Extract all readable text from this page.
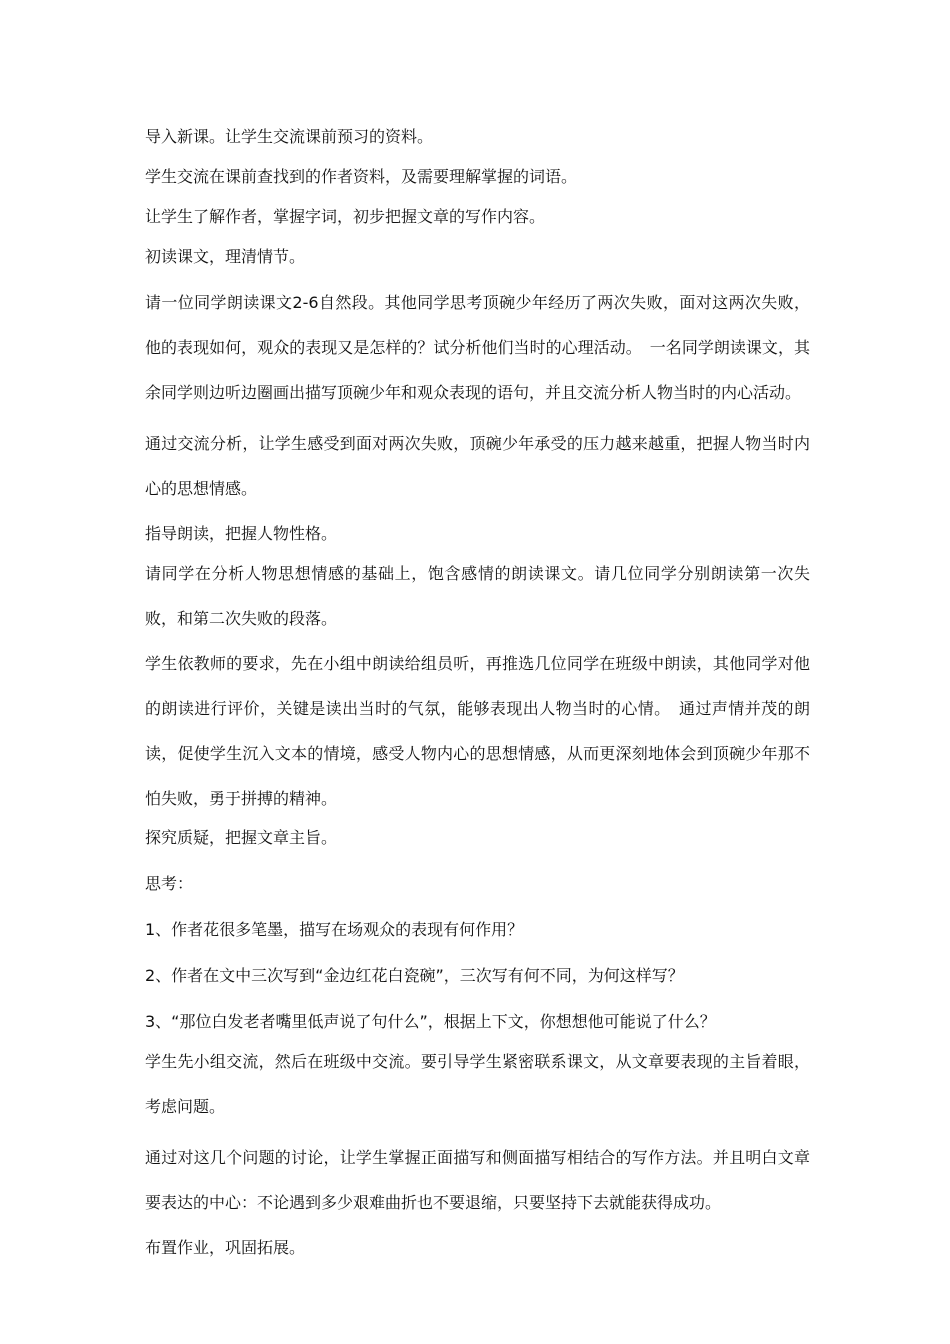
导入新课。让学生交流课前预习的资料。

学生交流在课前查找到的作者资料，及需要理解掌握的词语。

让学生了解作者，掌握字词，初步把握文章的写作内容。

初读课文，理清情节。

请一位同学朗读课文2-6自然段。其他同学思考顶碗少年经历了两次失败，面对这两次失败，他的表现如何，观众的表现又是怎样的？试分析他们当时的心理活动。　一名同学朗读课文，其余同学则边听边圈画出描写顶碗少年和观众表现的语句，并且交流分析人物当时的内心活动。

通过交流分析，让学生感受到面对两次失败，顶碗少年承受的压力越来越重，把握人物当时内心的思想情感。

指导朗读，把握人物性格。

请同学在分析人物思想情感的基础上，饱含感情的朗读课文。请几位同学分别朗读第一次失败，和第二次失败的段落。

学生依教师的要求，先在小组中朗读给组员听，再推选几位同学在班级中朗读，其他同学对他的朗读进行评价，关键是读出当时的气氛，能够表现出人物当时的心情。　通过声情并茂的朗读，促使学生沉入文本的情境，感受人物内心的思想情感，从而更深刻地体会到顶碗少年那不怕失败，勇于拼搏的精神。

探究质疑，把握文章主旨。

思考：

1、作者花很多笔墨，描写在场观众的表现有何作用？

2、作者在文中三次写到“金边红花白瓷碗”，三次写有何不同，为何这样写？

3、“那位白发老者嘴里低声说了句什么”，根据上下文，你想想他可能说了什么？

学生先小组交流，然后在班级中交流。要引导学生紧密联系课文，从文章要表现的主旨着眼，考虑问题。

通过对这几个问题的讨论，让学生掌握正面描写和侧面描写相结合的写作方法。并且明白文章要表达的中心：不论遇到多少艰难曲折也不要退缩，只要坚持下去就能获得成功。

布置作业，巩固拓展。
